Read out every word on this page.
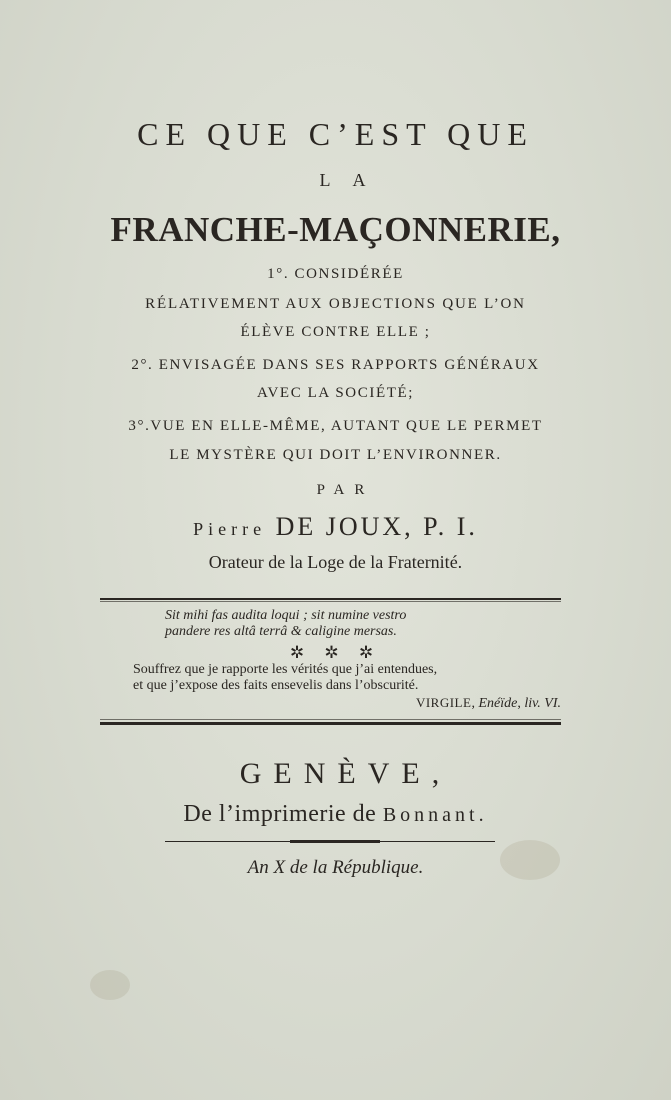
CE QUE C’EST QUE
LA
FRANCHE-MAÇONNERIE,
1°. CONSIDÉRÉE
RÉLATIVEMENT AUX OBJECTIONS QUE L’ON
ÉLÈVE CONTRE ELLE ;
2°. ENVISAGÉE DANS SES RAPPORTS GÉNÉRAUX
AVEC LA SOCIÉTÉ;
3°.VUE EN ELLE-MÊME, AUTANT QUE LE PERMET
LE MYSTÈRE QUI DOIT L’ENVIRONNER.
PAR
Pierre DE JOUX, P. I.
Orateur de la Loge de la Fraternité.
Sit mihi fas audita loqui ; sit numine vestro
pandere res altâ terrâ & caligine mersas.
✲ ✲ ✲
Souffrez que je rapporte les vérités que j’ai entendues,
et que j’expose des faits ensevelis dans l’obscurité.
VIRGILE, Enéïde, liv. VI.
GENÈVE,
De l’imprimerie de Bonnant.
An X de la République.
